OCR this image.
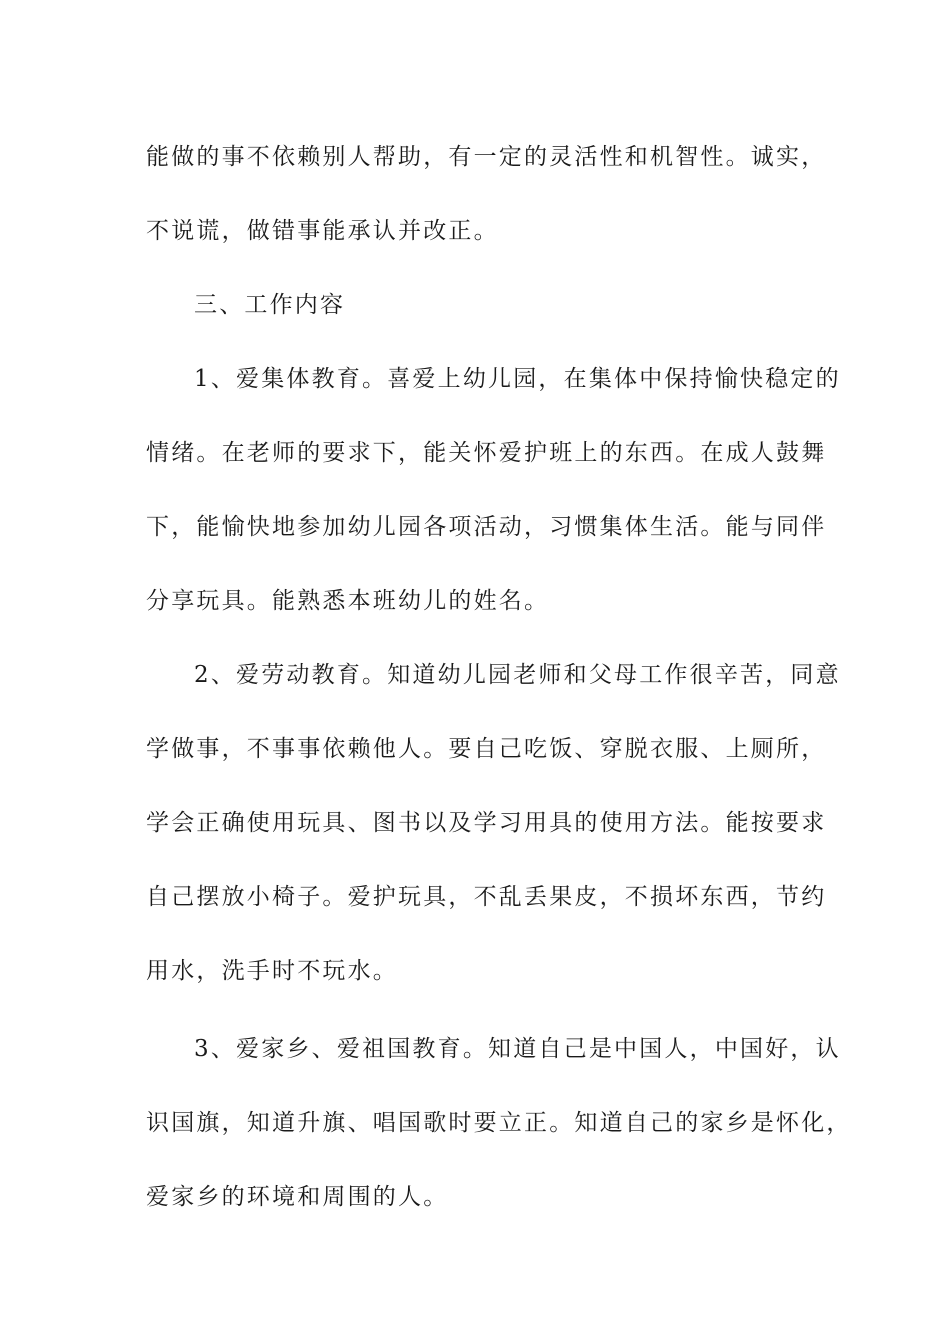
能做的事不依赖别人帮助，有一定的灵活性和机智性。诚实，
不说谎，做错事能承认并改正。
三、工作内容
1、爱集体教育。喜爱上幼儿园，在集体中保持愉快稳定的
情绪。在老师的要求下，能关怀爱护班上的东西。在成人鼓舞
下，能愉快地参加幼儿园各项活动，习惯集体生活。能与同伴
分享玩具。能熟悉本班幼儿的姓名。
2、爱劳动教育。知道幼儿园老师和父母工作很辛苦，同意
学做事，不事事依赖他人。要自己吃饭、穿脱衣服、上厕所，
学会正确使用玩具、图书以及学习用具的使用方法。能按要求
自己摆放小椅子。爱护玩具，不乱丢果皮，不损坏东西，节约
用水，洗手时不玩水。
3、爱家乡、爱祖国教育。知道自己是中国人，中国好，认
识国旗，知道升旗、唱国歌时要立正。知道自己的家乡是怀化，
爱家乡的环境和周围的人。
